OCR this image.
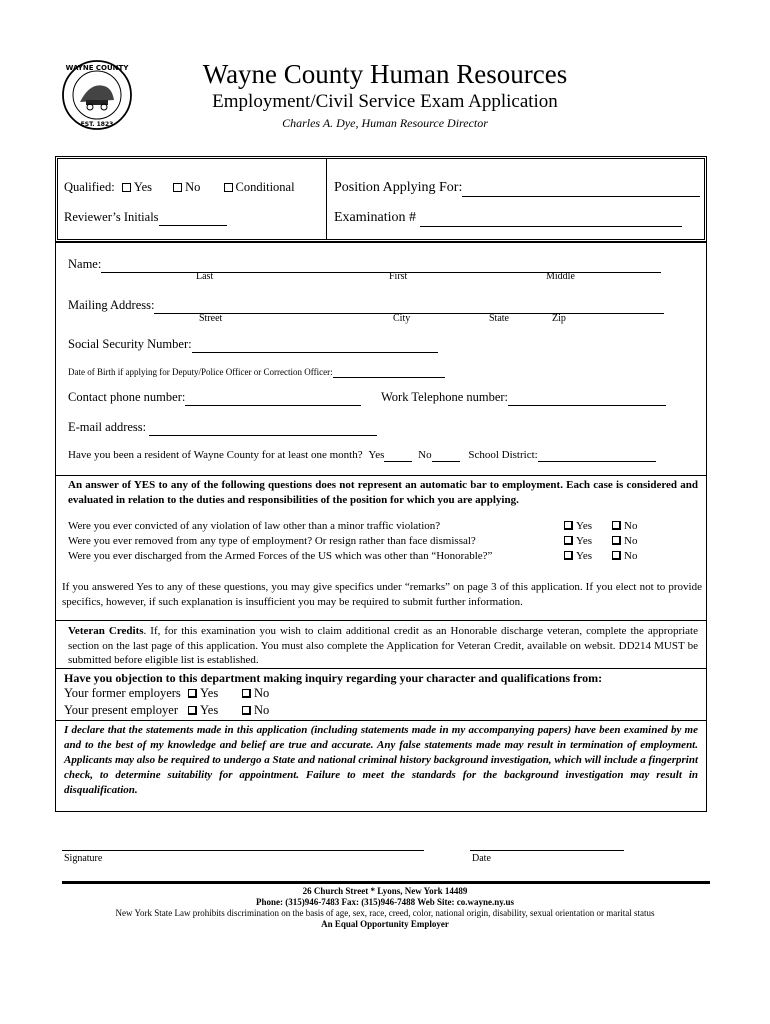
WAYNE COUNTY
EST. 1823
Wayne County Human Resources
Employment/Civil Service Exam Application
Charles A. Dye, Human Resource Director
Qualified: Yes	No	Conditional
Reviewer’s Initials
Position Applying For:
Examination #
Name:
Last	First	Middle
Mailing Address:
Street	City	State	Zip
Social Security Number:
Date of Birth if applying for Deputy/Police Officer or Correction Officer:
Contact phone number:	Work Telephone number:
E-mail address:
Have you been a resident of Wayne County for at least one month? Yes	No	School District:
An answer of YES to any of the following questions does not represent an automatic bar to employment. Each case is considered and evaluated in relation to the duties and responsibilities of the position for which you are applying.
Were you ever convicted of any violation of law other than a minor traffic violation?	Yes	No
Were you ever removed from any type of employment? Or resign rather than face dismissal?	Yes	No
Were you ever discharged from the Armed Forces of the US which was other than “Honorable?”	Yes	No
If you answered Yes to any of these questions, you may give specifics under “remarks” on page 3 of this application. If you elect not to provide specifics, however, if such explanation is insufficient you may be required to submit further information.
Veteran Credits. If, for this examination you wish to claim additional credit as an Honorable discharge veteran, complete the appropriate section on the last page of this application. You must also complete the Application for Veteran Credit, available on websit. DD214 MUST be submitted before eligible list is established.
Have you objection to this department making inquiry regarding your character and qualifications from:
Your former employers	Yes	No
Your present employer	Yes	No
I declare that the statements made in this application (including statements made in my accompanying papers) have been examined by me and to the best of my knowledge and belief are true and accurate. Any false statements made may result in termination of employment. Applicants may also be required to undergo a State and national criminal history background investigation, which will include a fingerprint check, to determine suitability for appointment. Failure to meet the standards for the background investigation may result in disqualification.
Signature	Date
26 Church Street * Lyons, New York 14489
Phone: (315)946-7483 Fax: (315)946-7488 Web Site: co.wayne.ny.us
New York State Law prohibits discrimination on the basis of age, sex, race, creed, color, national origin, disability, sexual orientation or marital status
An Equal Opportunity Employer
